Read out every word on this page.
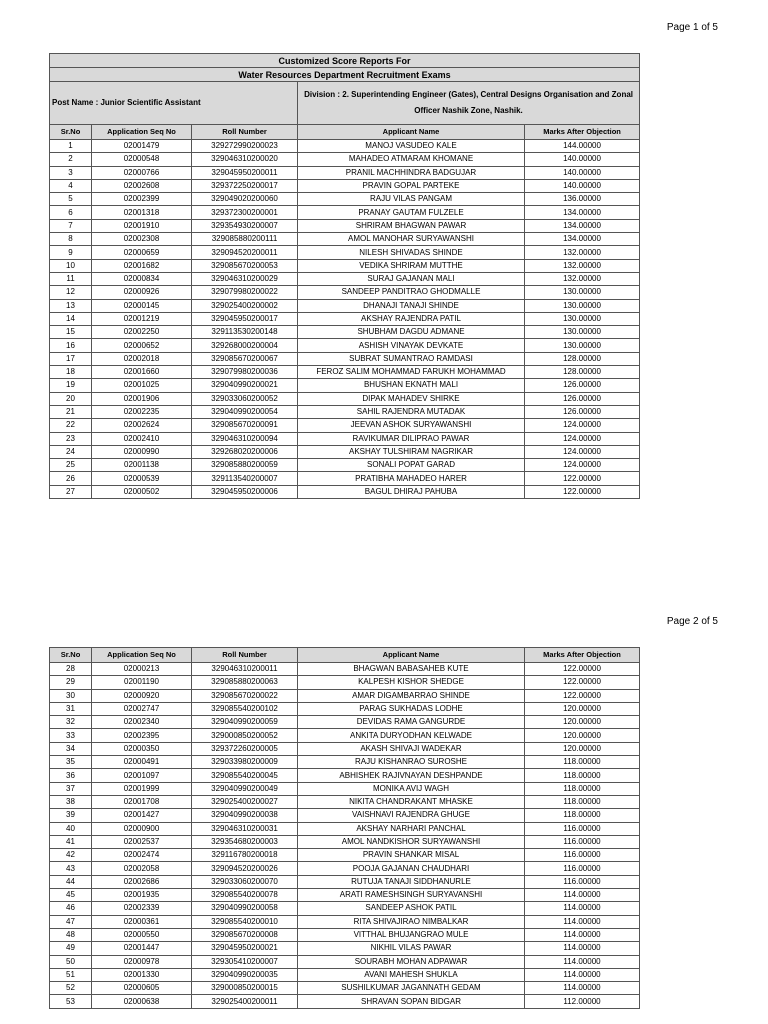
Page 1 of 5
Customized Score Reports For				
Water Resources Department Recruitment Exams				
Post Name : Junior Scientific Assistant			Division : 2. Superintending Engineer (Gates), Central Designs Organisation and Zonal Officer Nashik Zone, Nashik.	
Sr.No	Application Seq No	Roll Number	Applicant Name	Marks After Objection
1	02001479	329272990200023	MANOJ VASUDEO KALE	144.00000
2	02000548	329046310200020	MAHADEO ATMARAM KHOMANE	140.00000
3	02000766	329045950200011	PRANIL MACHHINDRA BADGUJAR	140.00000
4	02002608	329372250200017	PRAVIN GOPAL PARTEKE	140.00000
5	02002399	329049020200060	RAJU VILAS PANGAM	136.00000
6	02001318	329372300200001	PRANAY GAUTAM FULZELE	134.00000
7	02001910	329354930200007	SHRIRAM BHAGWAN PAWAR	134.00000
8	02002308	329085880200111	AMOL MANOHAR SURYAWANSHI	134.00000
9	02000659	329094520200011	NILESH SHIVADAS SHINDE	132.00000
10	02001682	329085670200053	VEDIKA SHRIRAM MUTTHE	132.00000
11	02000834	329046310200029	SURAJ GAJANAN MALI	132.00000
12	02000926	329079980200022	SANDEEP PANDITRAO GHODMALLE	130.00000
13	02000145	329025400200002	DHANAJI TANAJI SHINDE	130.00000
14	02001219	329045950200017	AKSHAY RAJENDRA PATIL	130.00000
15	02002250	329113530200148	SHUBHAM DAGDU ADMANE	130.00000
16	02000652	329268000200004	ASHISH VINAYAK DEVKATE	130.00000
17	02002018	329085670200067	SUBRAT SUMANTRAO RAMDASI	128.00000
18	02001660	329079980200036	FEROZ SALIM MOHAMMAD FARUKH MOHAMMAD	128.00000
19	02001025	329040990200021	BHUSHAN EKNATH MALI	126.00000
20	02001906	329033060200052	DIPAK MAHADEV SHIRKE	126.00000
21	02002235	329040990200054	SAHIL RAJENDRA MUTADAK	126.00000
22	02002624	329085670200091	JEEVAN ASHOK SURYAWANSHI	124.00000
23	02002410	329046310200094	RAVIKUMAR DILIPRAO PAWAR	124.00000
24	02000990	329268020200006	AKSHAY TULSHIRAM NAGRIKAR	124.00000
25	02001138	329085880200059	SONALI POPAT GARAD	124.00000
26	02000539	329113540200007	PRATIBHA MAHADEO HARER	122.00000
27	02000502	329045950200006	BAGUL DHIRAJ PAHUBA	122.00000
Page 2 of 5
Sr.No	Application Seq No	Roll Number	Applicant Name	Marks After Objection
28	02000213	329046310200011	BHAGWAN BABASAHEB KUTE	122.00000
29	02001190	329085880200063	KALPESH KISHOR SHEDGE	122.00000
30	02000920	329085670200022	AMAR DIGAMBARRAO SHINDE	122.00000
31	02002747	329085540200102	PARAG SUKHADAS LODHE	120.00000
32	02002340	329040990200059	DEVIDAS RAMA GANGURDE	120.00000
33	02002395	329000850200052	ANKITA DURYODHAN KELWADE	120.00000
34	02000350	329372260200005	AKASH SHIVAJI WADEKAR	120.00000
35	02000491	329033980200009	RAJU KISHANRAO SUROSHE	118.00000
36	02001097	329085540200045	ABHISHEK RAJIVNAYAN DESHPANDE	118.00000
37	02001999	329040990200049	MONIKA AVIJ WAGH	118.00000
38	02001708	329025400200027	NIKITA CHANDRAKANT MHASKE	118.00000
39	02001427	329040990200038	VAISHNAVI RAJENDRA GHUGE	118.00000
40	02000900	329046310200031	AKSHAY NARHARI PANCHAL	116.00000
41	02002537	329354680200003	AMOL NANDKISHOR SURYAWANSHI	116.00000
42	02002474	329116780200018	PRAVIN SHANKAR MISAL	116.00000
43	02002058	329094520200026	POOJA GAJANAN CHAUDHARI	116.00000
44	02002686	329033060200070	RUTUJA TANAJI SIDDHANURLE	116.00000
45	02001935	329085540200078	ARATI RAMESHSINGH SURYAVANSHI	114.00000
46	02002339	329040990200058	SANDEEP ASHOK PATIL	114.00000
47	02000361	329085540200010	RITA SHIVAJIRAO NIMBALKAR	114.00000
48	02000550	329085670200008	VITTHAL BHUJANGRAO MULE	114.00000
49	02001447	329045950200021	NIKHIL VILAS PAWAR	114.00000
50	02000978	329305410200007	SOURABH MOHAN ADPAWAR	114.00000
51	02001330	329040990200035	AVANI MAHESH SHUKLA	114.00000
52	02000605	329000850200015	SUSHILKUMAR JAGANNATH GEDAM	114.00000
53	02000638	329025400200011	SHRAVAN SOPAN BIDGAR	112.00000
